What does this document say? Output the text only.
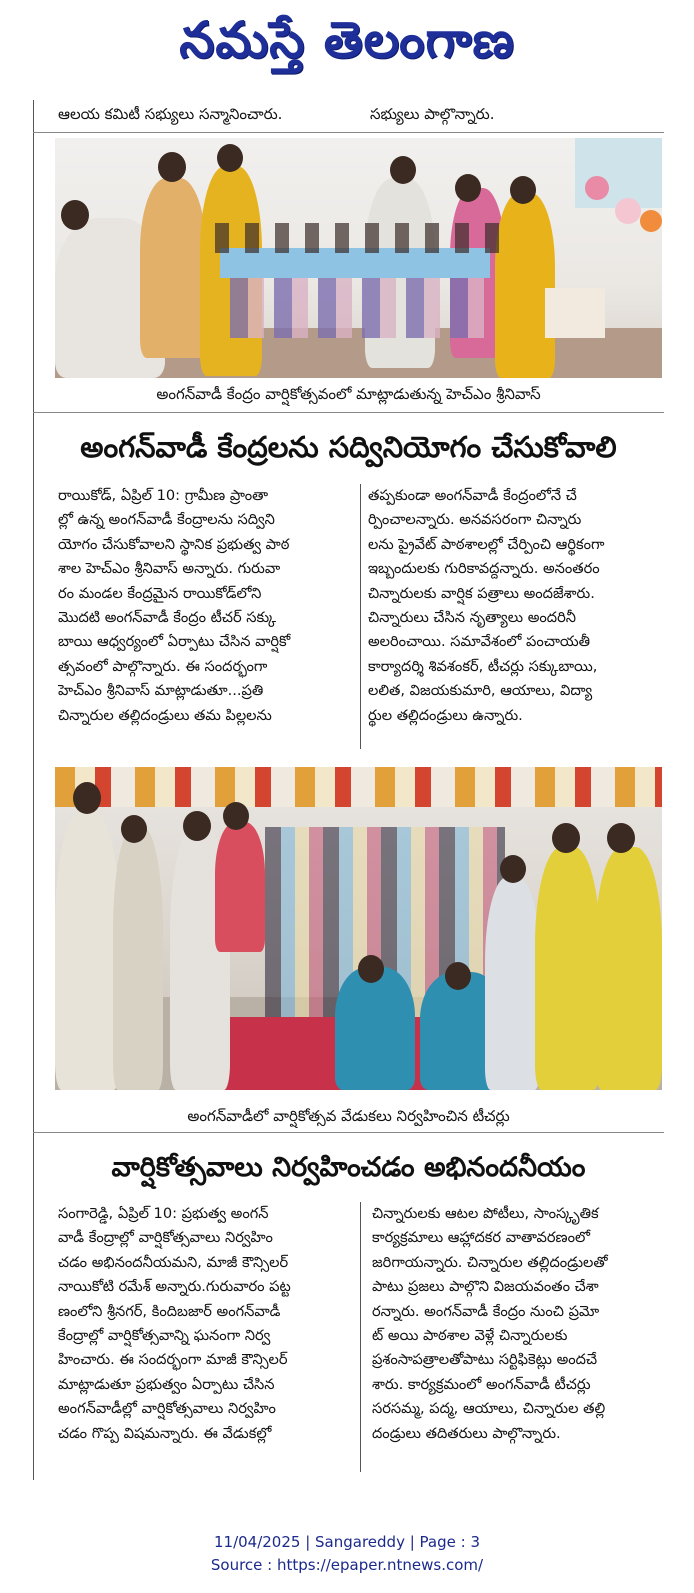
నమస్తే తెలంగాణ
ఆలయ కమిటీ సభ్యులు సన్మానించారు.	సభ్యులు పాల్గొన్నారు.
అంగన్‌వాడీ కేంద్రం వార్షికోత్సవంలో మాట్లాడుతున్న హెచ్‌ఎం శ్రీనివాస్
అంగన్‌వాడీ కేంద్రలను సద్వినియోగం చేసుకోవాలి
రాయికోడ్, ఏప్రిల్ 10: గ్రామీణ ప్రాంతా
ల్లో ఉన్న అంగన్‌వాడీ కేంద్రాలను సద్విని
యోగం చేసుకోవాలని స్థానిక ప్రభుత్వ పాఠ
శాల హెచ్‌ఎం శ్రీనివాస్ అన్నారు. గురువా
రం మండల కేంద్రమైన రాయికోడ్‌లోని
మొదటి అంగన్‌వాడీ కేంద్రం టీచర్ సక్కు
బాయి ఆధ్వర్యంలో ఏర్పాటు చేసిన వార్షికో
త్సవంలో పాల్గొన్నారు. ఈ సందర్భంగా
హెచ్‌ఎం శ్రీనివాస్ మాట్లాడుతూ...ప్రతి
చిన్నారుల తల్లిదండ్రులు తమ పిల్లలను
తప్పకుండా అంగన్‌వాడీ కేంద్రంలోనే చే
ర్పించాలన్నారు. అనవసరంగా చిన్నారు
లను ప్రైవేట్ పాఠశాలల్లో చేర్పించి ఆర్థికంగా
ఇబ్బందులకు గురికావద్దన్నారు. అనంతరం
చిన్నారులకు వార్షిక పత్రాలు అందజేశారు.
చిన్నారులు చేసిన నృత్యాలు అందరినీ
అలరించాయి. సమావేశంలో పంచాయతీ
కార్యాదర్శి శివశంకర్, టీచర్లు సక్కుబాయి,
లలిత, విజయకుమారి, ఆయాలు, విద్యా
ర్థుల తల్లిదండ్రులు ఉన్నారు.
అంగన్‌వాడీలో వార్షికోత్సవ వేడుకలు నిర్వహించిన టీచర్లు
వార్షికోత్సవాలు నిర్వహించడం అభినందనీయం
సంగారెడ్డి, ఏప్రిల్ 10: ప్రభుత్వ అంగన్
వాడీ కేంద్రాల్లో వార్షికోత్సవాలు నిర్వహిం
చడం అభినందనీయమని, మాజీ కౌన్సిలర్
నాయికోటి రమేశ్ అన్నారు.గురువారం పట్ట
ణంలోని శ్రీనగర్, కిందిబజార్ అంగన్‌వాడీ
కేంద్రాల్లో వార్షికోత్సవాన్ని ఘనంగా నిర్వ
హించారు. ఈ సందర్భంగా మాజీ కౌన్సిలర్
మాట్లాడుతూ ప్రభుత్వం ఏర్పాటు చేసిన
అంగన్‌వాడీల్లో వార్షికోత్సవాలు నిర్వహిం
చడం గొప్ప విషమన్నారు. ఈ వేడుకల్లో
చిన్నారులకు ఆటల పోటీలు, సాంస్కృతిక
కార్యక్రమాలు ఆహ్లాదకర వాతావరణంలో
జరిగాయన్నారు. చిన్నారుల తల్లిదండ్రులతో
పాటు ప్రజలు పాల్గొని విజయవంతం చేశా
రన్నారు. అంగన్‌వాడీ కేంద్రం నుంచి ప్రమో
ట్ అయి పాఠశాల వెళ్లే చిన్నారులకు
ప్రశంసాపత్రాలతోపాటు సర్టిఫికెట్లు అందచే
శారు. కార్యక్రమంలో అంగన్‌వాడీ టీచర్లు
సరసమ్మ, పద్మ, ఆయాలు, చిన్నారుల తల్లి
దండ్రులు తదితరులు పాల్గొన్నారు.
11/04/2025 | Sangareddy | Page : 3
Source : https://epaper.ntnews.com/
